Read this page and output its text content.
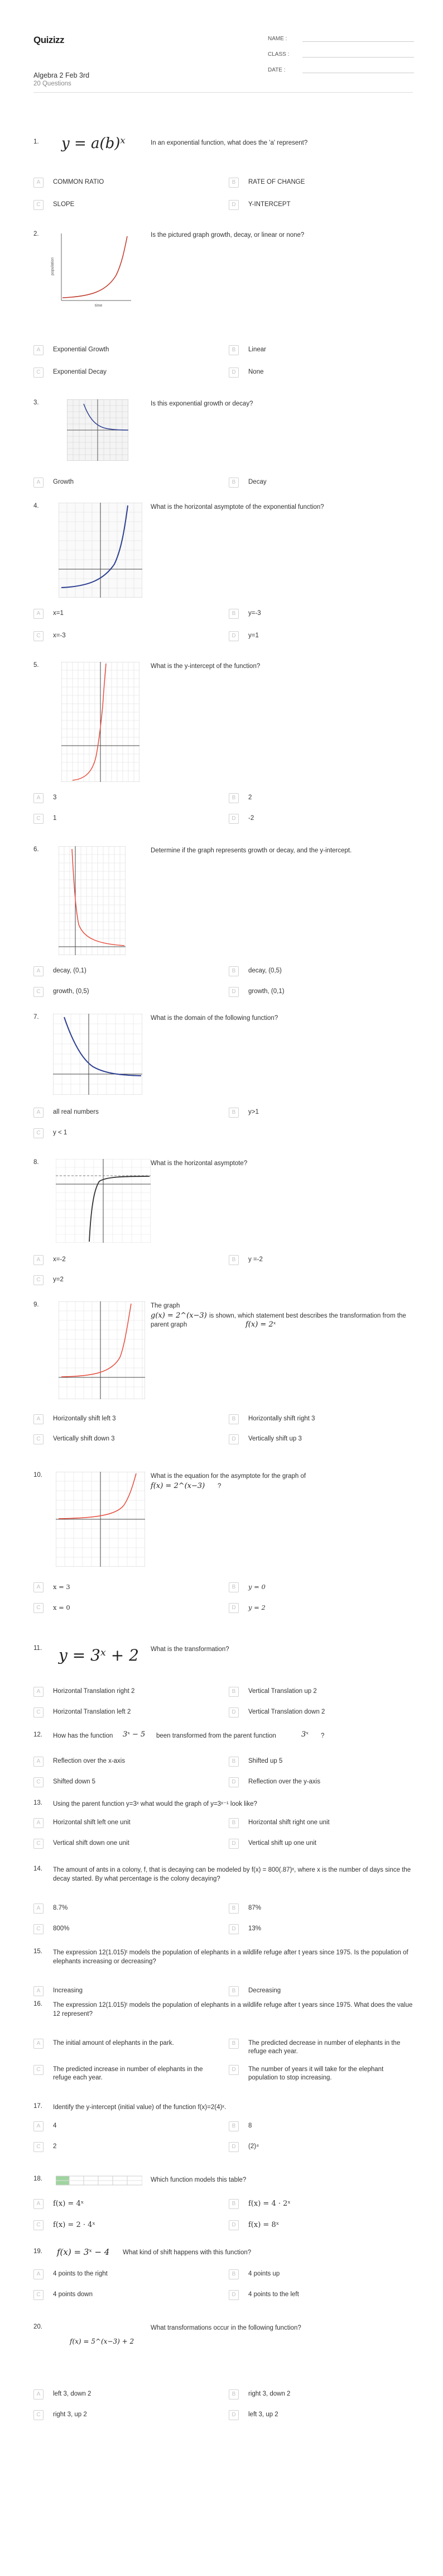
Quizizz
Algebra 2 Feb 3rd
20 Questions
NAME :
CLASS :
DATE :
1. y = a(b)ˣ	In an exponential function, what does the 'a' represent?
A	COMMON RATIO	B	RATE OF CHANGE
C	SLOPE	D	Y-INTERCEPT
2.
population
time
Is the pictured graph growth, decay, or linear or none?
A	Exponential Growth	B	Linear
C	Exponential Decay	D	None
3.	Is this exponential growth or decay?
A	Growth	B	Decay
4.	What is the horizontal asymptote of the exponential function?
A	x=1	B	y=-3
C	x=-3	D	y=1
5.	What is the y-intercept of the function?
A	3	B	2
C	1	D	-2
6.	Determine if the graph represents growth or decay, and the y-intercept.
A	decay, (0,1)	B	decay, (0,5)
C	growth, (0,5)	D	growth, (0,1)
7.	What is the domain of the following function?
A	all real numbers	B	y>1
C	y < 1
8.	What is the horizontal asymptote?
A	x=-2	B	y =-2
C	y=2
9.	The graph
g(x) = 2^(x−3) is shown, which statement best describes the transformation from the parent graph	f(x) = 2ˣ
A	Horizontally shift left 3	B	Horizontally shift right 3
C	Vertically shift down 3	D	Vertically shift up 3
10.	What is the equation for the asymptote for the graph of
f(x) = 2^(x−3) ?
A	x = 3	B	y = 0
C	x = 0	D	y = 2
11. y = 3ˣ + 2 What is the transformation?
A	Horizontal Translation right 2	B	Vertical Translation up 2
C	Horizontal Translation left 2	D	Vertical Translation down 2
12. How has the function 3ˣ − 5 been transformed from the parent function	3ˣ ?
A	Reflection over the x-axis	B	Shifted up 5
C	Shifted down 5	D	Reflection over the y-axis
13. Using the parent function y=3ˣ what would the graph of y=3ˣ⁻¹ look like?
A	Horizontal shift left one unit	B	Horizontal shift right one unit
C	Vertical shift down one unit	D	Vertical shift up one unit
14. The amount of ants in a colony, f, that is decaying can be modeled by f(x) = 800(.87)ˣ, where x is the number of days since the decay started. By what percentage is the colony decaying?
A	8.7%	B	87%
C	800%	D	13%
15. The expression 12(1.015)ᵗ models the population of elephants in a wildlife refuge after t years since 1975. Is the population of elephants increasing or decreasing?
A	Increasing	B	Decreasing
16. The expression 12(1.015)ᵗ models the population of elephants in a wildlife refuge after t years since 1975. What does the value 12 represent?
A	The initial amount of elephants in the park.	B	The predicted decrease in number of elephants in the refuge each year.
C	The predicted increase in number of elephants in the refuge each year.
D	The number of years it will take for the elephant population to stop increasing.
17. Identify the y-intercept (initial value) of the function f(x)=2(4)ˣ.
A	4	B	8
C	2	D	(2)⁴
18.	Which function models this table?
A	f(x) = 4ˣ	B	f(x) = 4 · 2ˣ
C	f(x) = 2 · 4ˣ	D	f(x) = 8ˣ
19. f(x) = 3ˣ − 4 What kind of shift happens with this function?
A	4 points to the right	B	4 points up
C	4 points down	D	4 points to the left
20.
f(x) = 5^(x−3) + 2
What transformations occur in the following function?
A	left 3, down 2	B	right 3, down 2
C	right 3, up 2	D	left 3, up 2
